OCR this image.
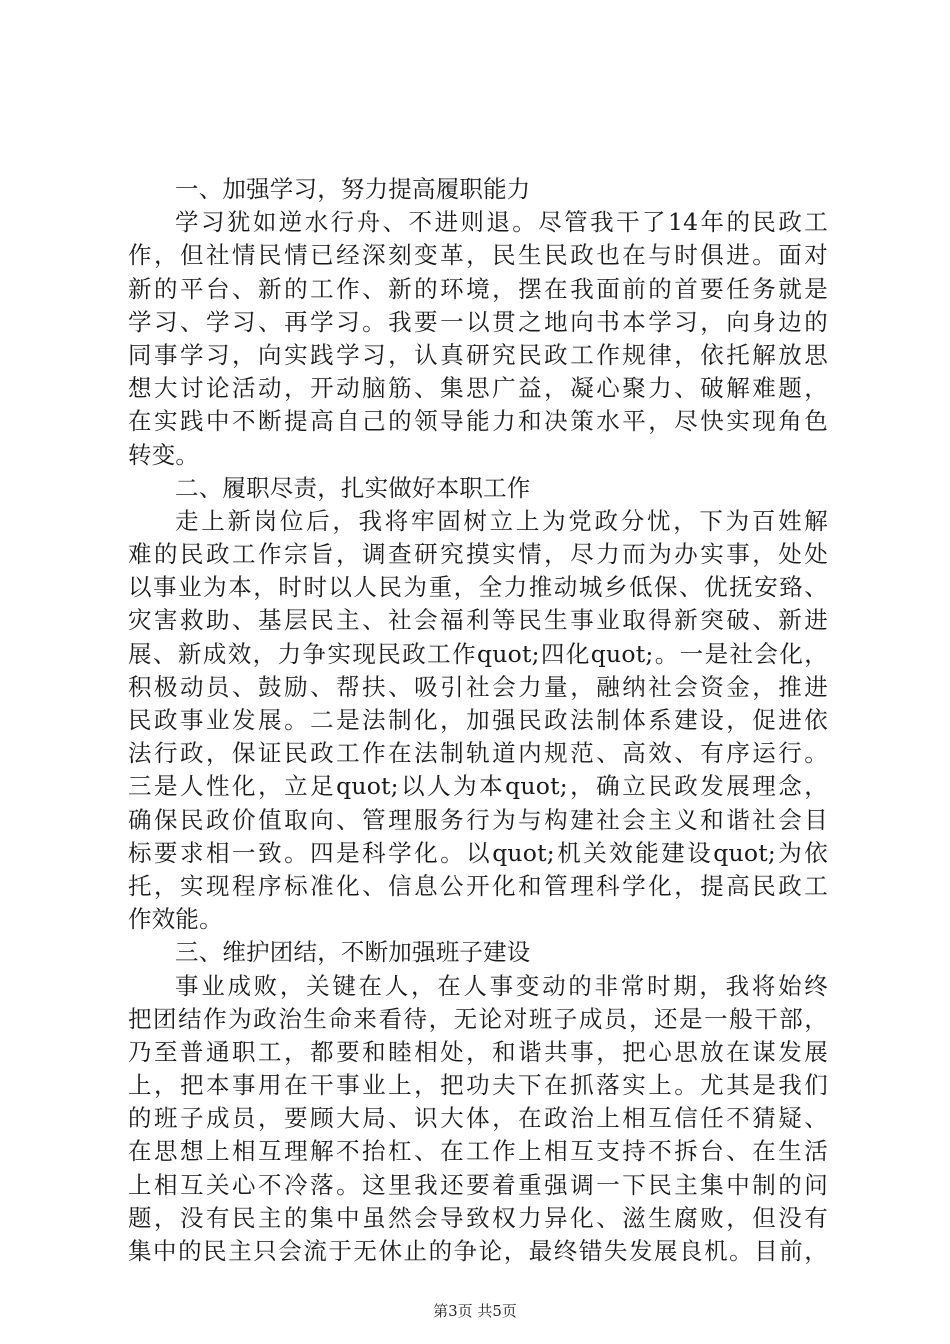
一、加强学习，努力提高履职能力
学习犹如逆水行舟、不进则退。尽管我干了14年的民政工
作，但社情民情已经深刻变革，民生民政也在与时俱进。面对
新的平台、新的工作、新的环境，摆在我面前的首要任务就是
学习、学习、再学习。我要一以贯之地向书本学习，向身边的
同事学习，向实践学习，认真研究民政工作规律，依托解放思
想大讨论活动，开动脑筋、集思广益，凝心聚力、破解难题，
在实践中不断提高自己的领导能力和决策水平，尽快实现角色
转变。
二、履职尽责，扎实做好本职工作
走上新岗位后，我将牢固树立上为党政分忧，下为百姓解
难的民政工作宗旨，调查研究摸实情，尽力而为办实事，处处
以事业为本，时时以人民为重，全力推动城乡低保、优抚安臵、
灾害救助、基层民主、社会福利等民生事业取得新突破、新进
展、新成效，力争实现民政工作quot;四化quot;。一是社会化，
积极动员、鼓励、帮扶、吸引社会力量，融纳社会资金，推进
民政事业发展。二是法制化，加强民政法制体系建设，促进依
法行政，保证民政工作在法制轨道内规范、高效、有序运行。
三是人性化，立足quot;以人为本quot;，确立民政发展理念，
确保民政价值取向、管理服务行为与构建社会主义和谐社会目
标要求相一致。四是科学化。以quot;机关效能建设quot;为依
托，实现程序标准化、信息公开化和管理科学化，提高民政工
作效能。
三、维护团结，不断加强班子建设
事业成败，关键在人，在人事变动的非常时期，我将始终
把团结作为政治生命来看待，无论对班子成员，还是一般干部，
乃至普通职工，都要和睦相处，和谐共事，把心思放在谋发展
上，把本事用在干事业上，把功夫下在抓落实上。尤其是我们
的班子成员，要顾大局、识大体，在政治上相互信任不猜疑、
在思想上相互理解不抬杠、在工作上相互支持不拆台、在生活
上相互关心不冷落。这里我还要着重强调一下民主集中制的问
题，没有民主的集中虽然会导致权力异化、滋生腐败，但没有
集中的民主只会流于无休止的争论，最终错失发展良机。目前，
第3页 共5页
